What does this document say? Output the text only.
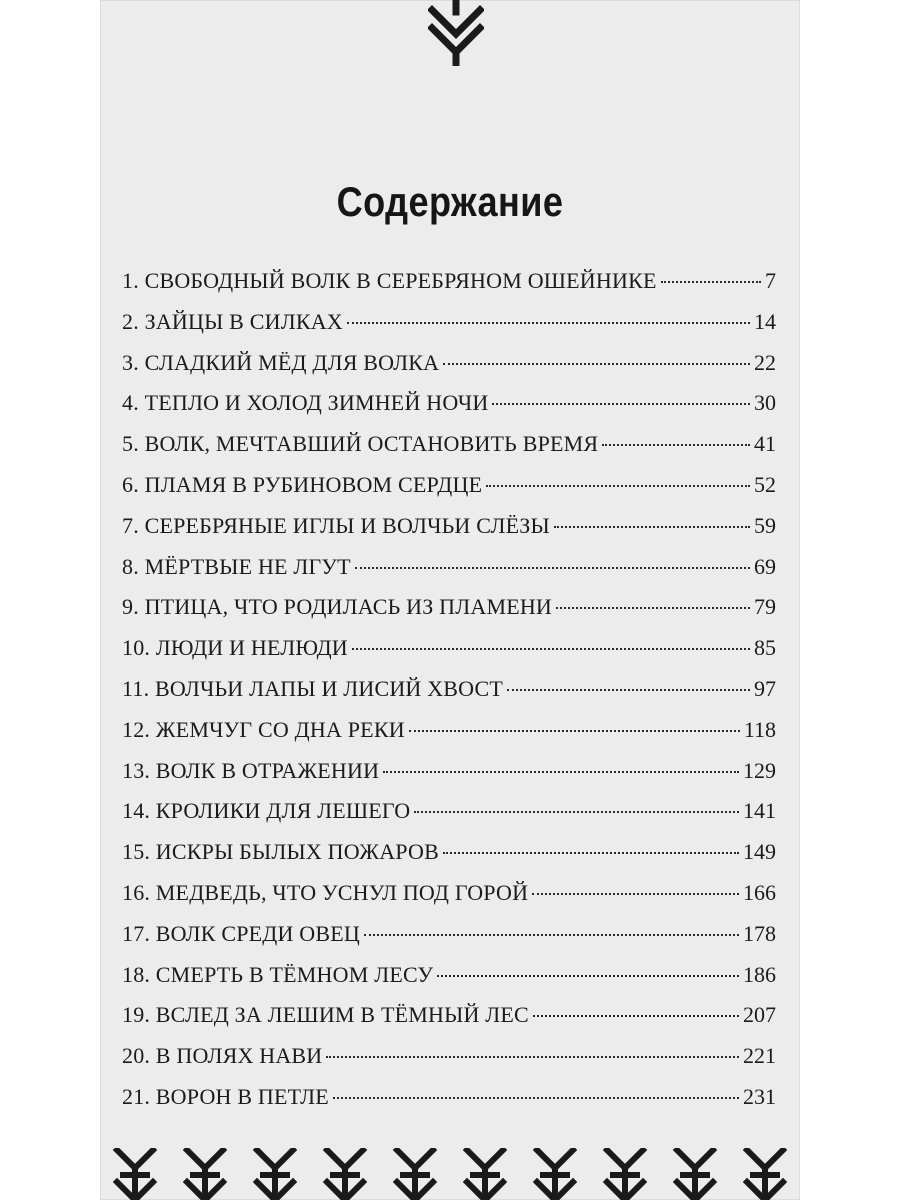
Содержание
1. СВОБОДНЫЙ ВОЛК В СЕРЕБРЯНОМ ОШЕЙНИКЕ	7
2. ЗАЙЦЫ В СИЛКАХ	14
3. СЛАДКИЙ МЁД ДЛЯ ВОЛКА	22
4. ТЕПЛО И ХОЛОД ЗИМНЕЙ НОЧИ	30
5. ВОЛК, МЕЧТАВШИЙ ОСТАНОВИТЬ ВРЕМЯ	41
6. ПЛАМЯ В РУБИНОВОМ СЕРДЦЕ	52
7. СЕРЕБРЯНЫЕ ИГЛЫ И ВОЛЧЬИ СЛЁЗЫ	59
8. МЁРТВЫЕ НЕ ЛГУТ	69
9. ПТИЦА, ЧТО РОДИЛАСЬ ИЗ ПЛАМЕНИ	79
10. ЛЮДИ И НЕЛЮДИ	85
11. ВОЛЧЬИ ЛАПЫ И ЛИСИЙ ХВОСТ	97
12. ЖЕМЧУГ СО ДНА РЕКИ	118
13. ВОЛК В ОТРАЖЕНИИ	129
14. КРОЛИКИ ДЛЯ ЛЕШЕГО	141
15. ИСКРЫ БЫЛЫХ ПОЖАРОВ	149
16. МЕДВЕДЬ, ЧТО УСНУЛ ПОД ГОРОЙ	166
17. ВОЛК СРЕДИ ОВЕЦ	178
18. СМЕРТЬ В ТЁМНОМ ЛЕСУ	186
19. ВСЛЕД ЗА ЛЕШИМ В ТЁМНЫЙ ЛЕС	207
20. В ПОЛЯХ НАВИ	221
21. ВОРОН В ПЕТЛЕ	231
